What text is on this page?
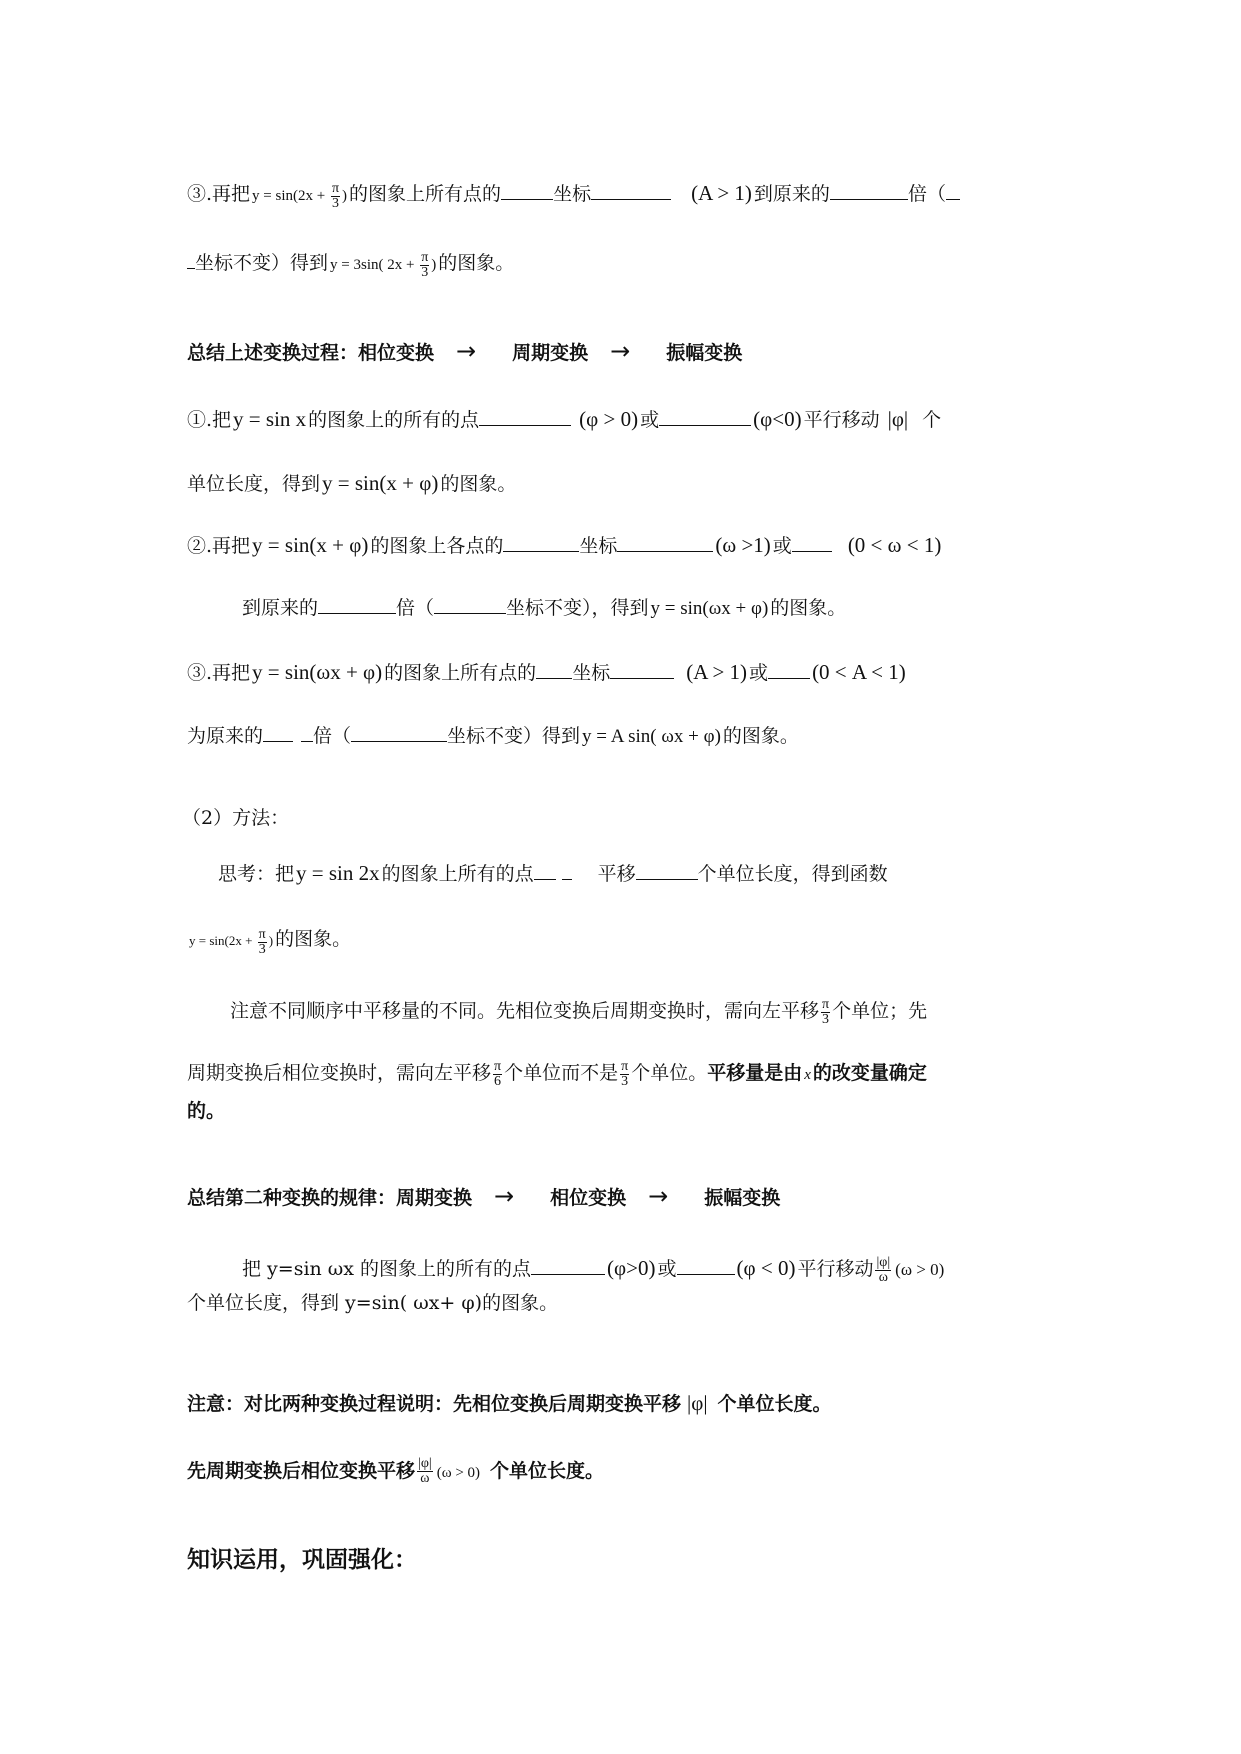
③.再把 $y = \sin(2x + \frac{\pi}{3}$ ) 的图象上所有点的	坐标	(A > 1) 到原来的	倍（
坐标不变）得到 y = 3sin( $2x + \frac{\pi}{3}$ ) 的图象。
总结上述变换过程：相位变换 → 周期变换 → 振幅变换
①.把y = sin x 的图象上的所有的点	(φ > 0) 或	(φ<0) 平行移动 |φ| 个
单位长度，得到y = sin(x + φ) 的图象。
②.再把y = sin(x + φ) 的图象上各点的	坐标	(ω >1) 或	(0 < ω < 1)
到原来的	倍（	坐标不变），得到 y = sin(ωx + φ) 的图象。
③.再把y = sin(ωx + φ) 的图象上所有点的 坐标	(A > 1) 或 (0 < A < 1)
为原来的	倍（	坐标不变）得到 y = A sin( ωx + φ) 的图象。
（2）方法：
思考：把y = sin 2x 的图象上所有的点	平移	个单位长度，得到函数
$y = \sin(2x + \frac{\pi}{3}$ ) 的图象。
注意不同顺序中平移量的不同。先相位变换后周期变换时，需向左平移 $\frac{\pi}{3}$ 个单位；先
周期变换后相位变换时，需向左平移 $\frac{\pi}{6}$ 个单位而不是 $\frac{\pi}{3}$ 个单位。平移量是由 x 的改变量确定
的。
总结第二种变换的规律：周期变换 → 相位变换 → 振幅变换
把 y=sin ωx 的图象上的所有的点	(φ>0) 或	(φ < 0) 平行移动 $\frac{|\varphi|}{\omega} (\omega > 0)$
个单位长度，得到 y=sin( ωx+ φ)的图象。
注意：对比两种变换过程说明：先相位变换后周期变换平移 |φ| 个单位长度。
先周期变换后相位变换平移 $\frac{|\varphi|}{\omega} (\omega > 0)$ 个单位长度。
知识运用，巩固强化：
